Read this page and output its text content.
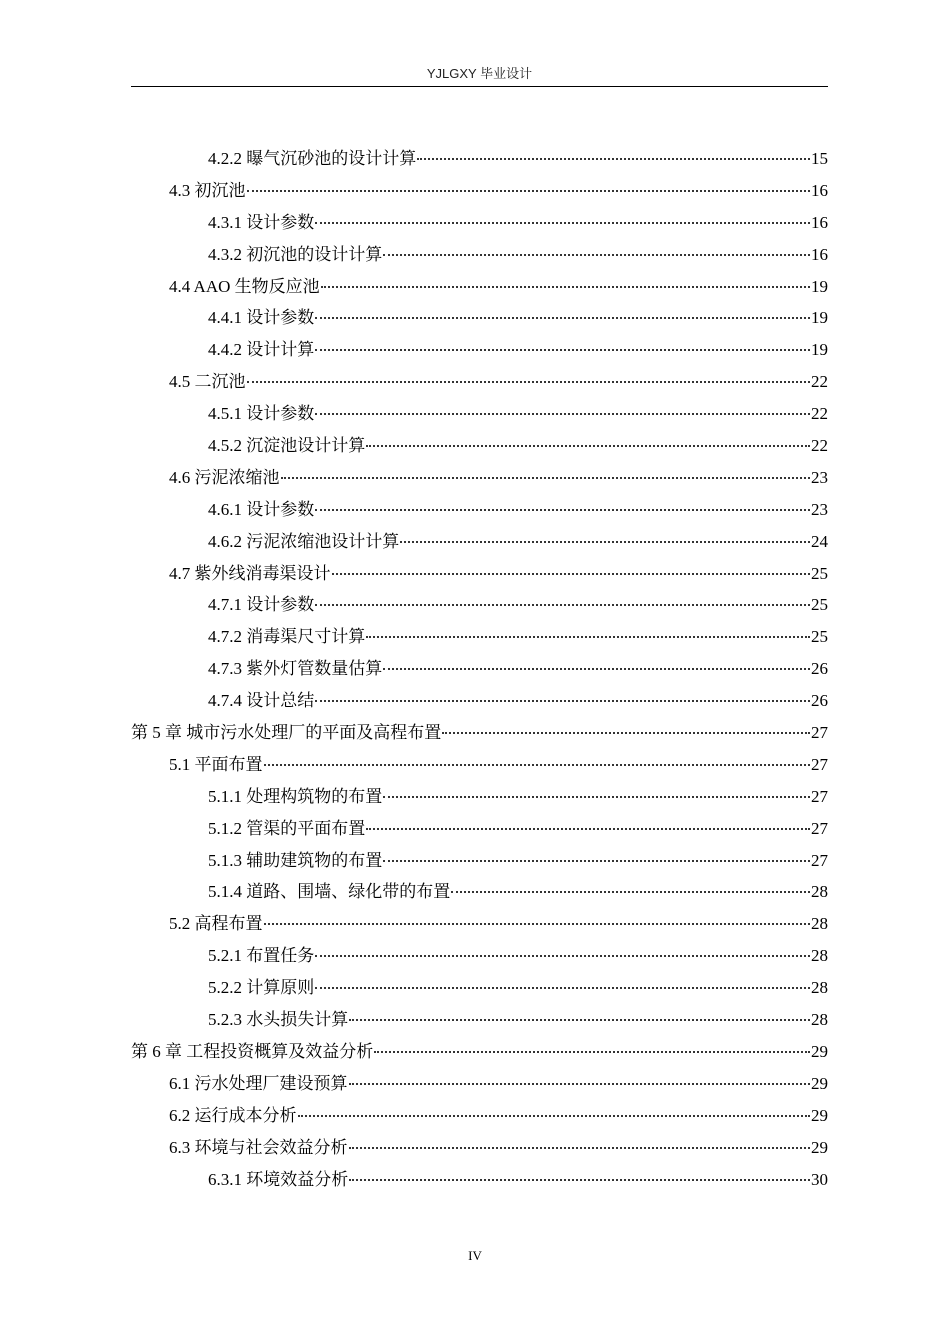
YJLGXY 毕业设计
4.2.2 曝气沉砂池的设计计算	15
4.3 初沉池	16
4.3.1 设计参数	16
4.3.2 初沉池的设计计算	16
4.4 AAO 生物反应池	19
4.4.1 设计参数	19
4.4.2 设计计算	19
4.5 二沉池	22
4.5.1 设计参数	22
4.5.2 沉淀池设计计算	22
4.6 污泥浓缩池	23
4.6.1 设计参数	23
4.6.2 污泥浓缩池设计计算	24
4.7 紫外线消毒渠设计	25
4.7.1 设计参数	25
4.7.2 消毒渠尺寸计算	25
4.7.3 紫外灯管数量估算	26
4.7.4 设计总结	26
第 5 章 城市污水处理厂的平面及高程布置	27
5.1 平面布置	27
5.1.1 处理构筑物的布置	27
5.1.2 管渠的平面布置	27
5.1.3 辅助建筑物的布置	27
5.1.4 道路、围墙、绿化带的布置	28
5.2 高程布置	28
5.2.1 布置任务	28
5.2.2 计算原则	28
5.2.3 水头损失计算	28
第 6 章 工程投资概算及效益分析	29
6.1 污水处理厂建设预算	29
6.2 运行成本分析	29
6.3 环境与社会效益分析	29
6.3.1 环境效益分析	30
IV
